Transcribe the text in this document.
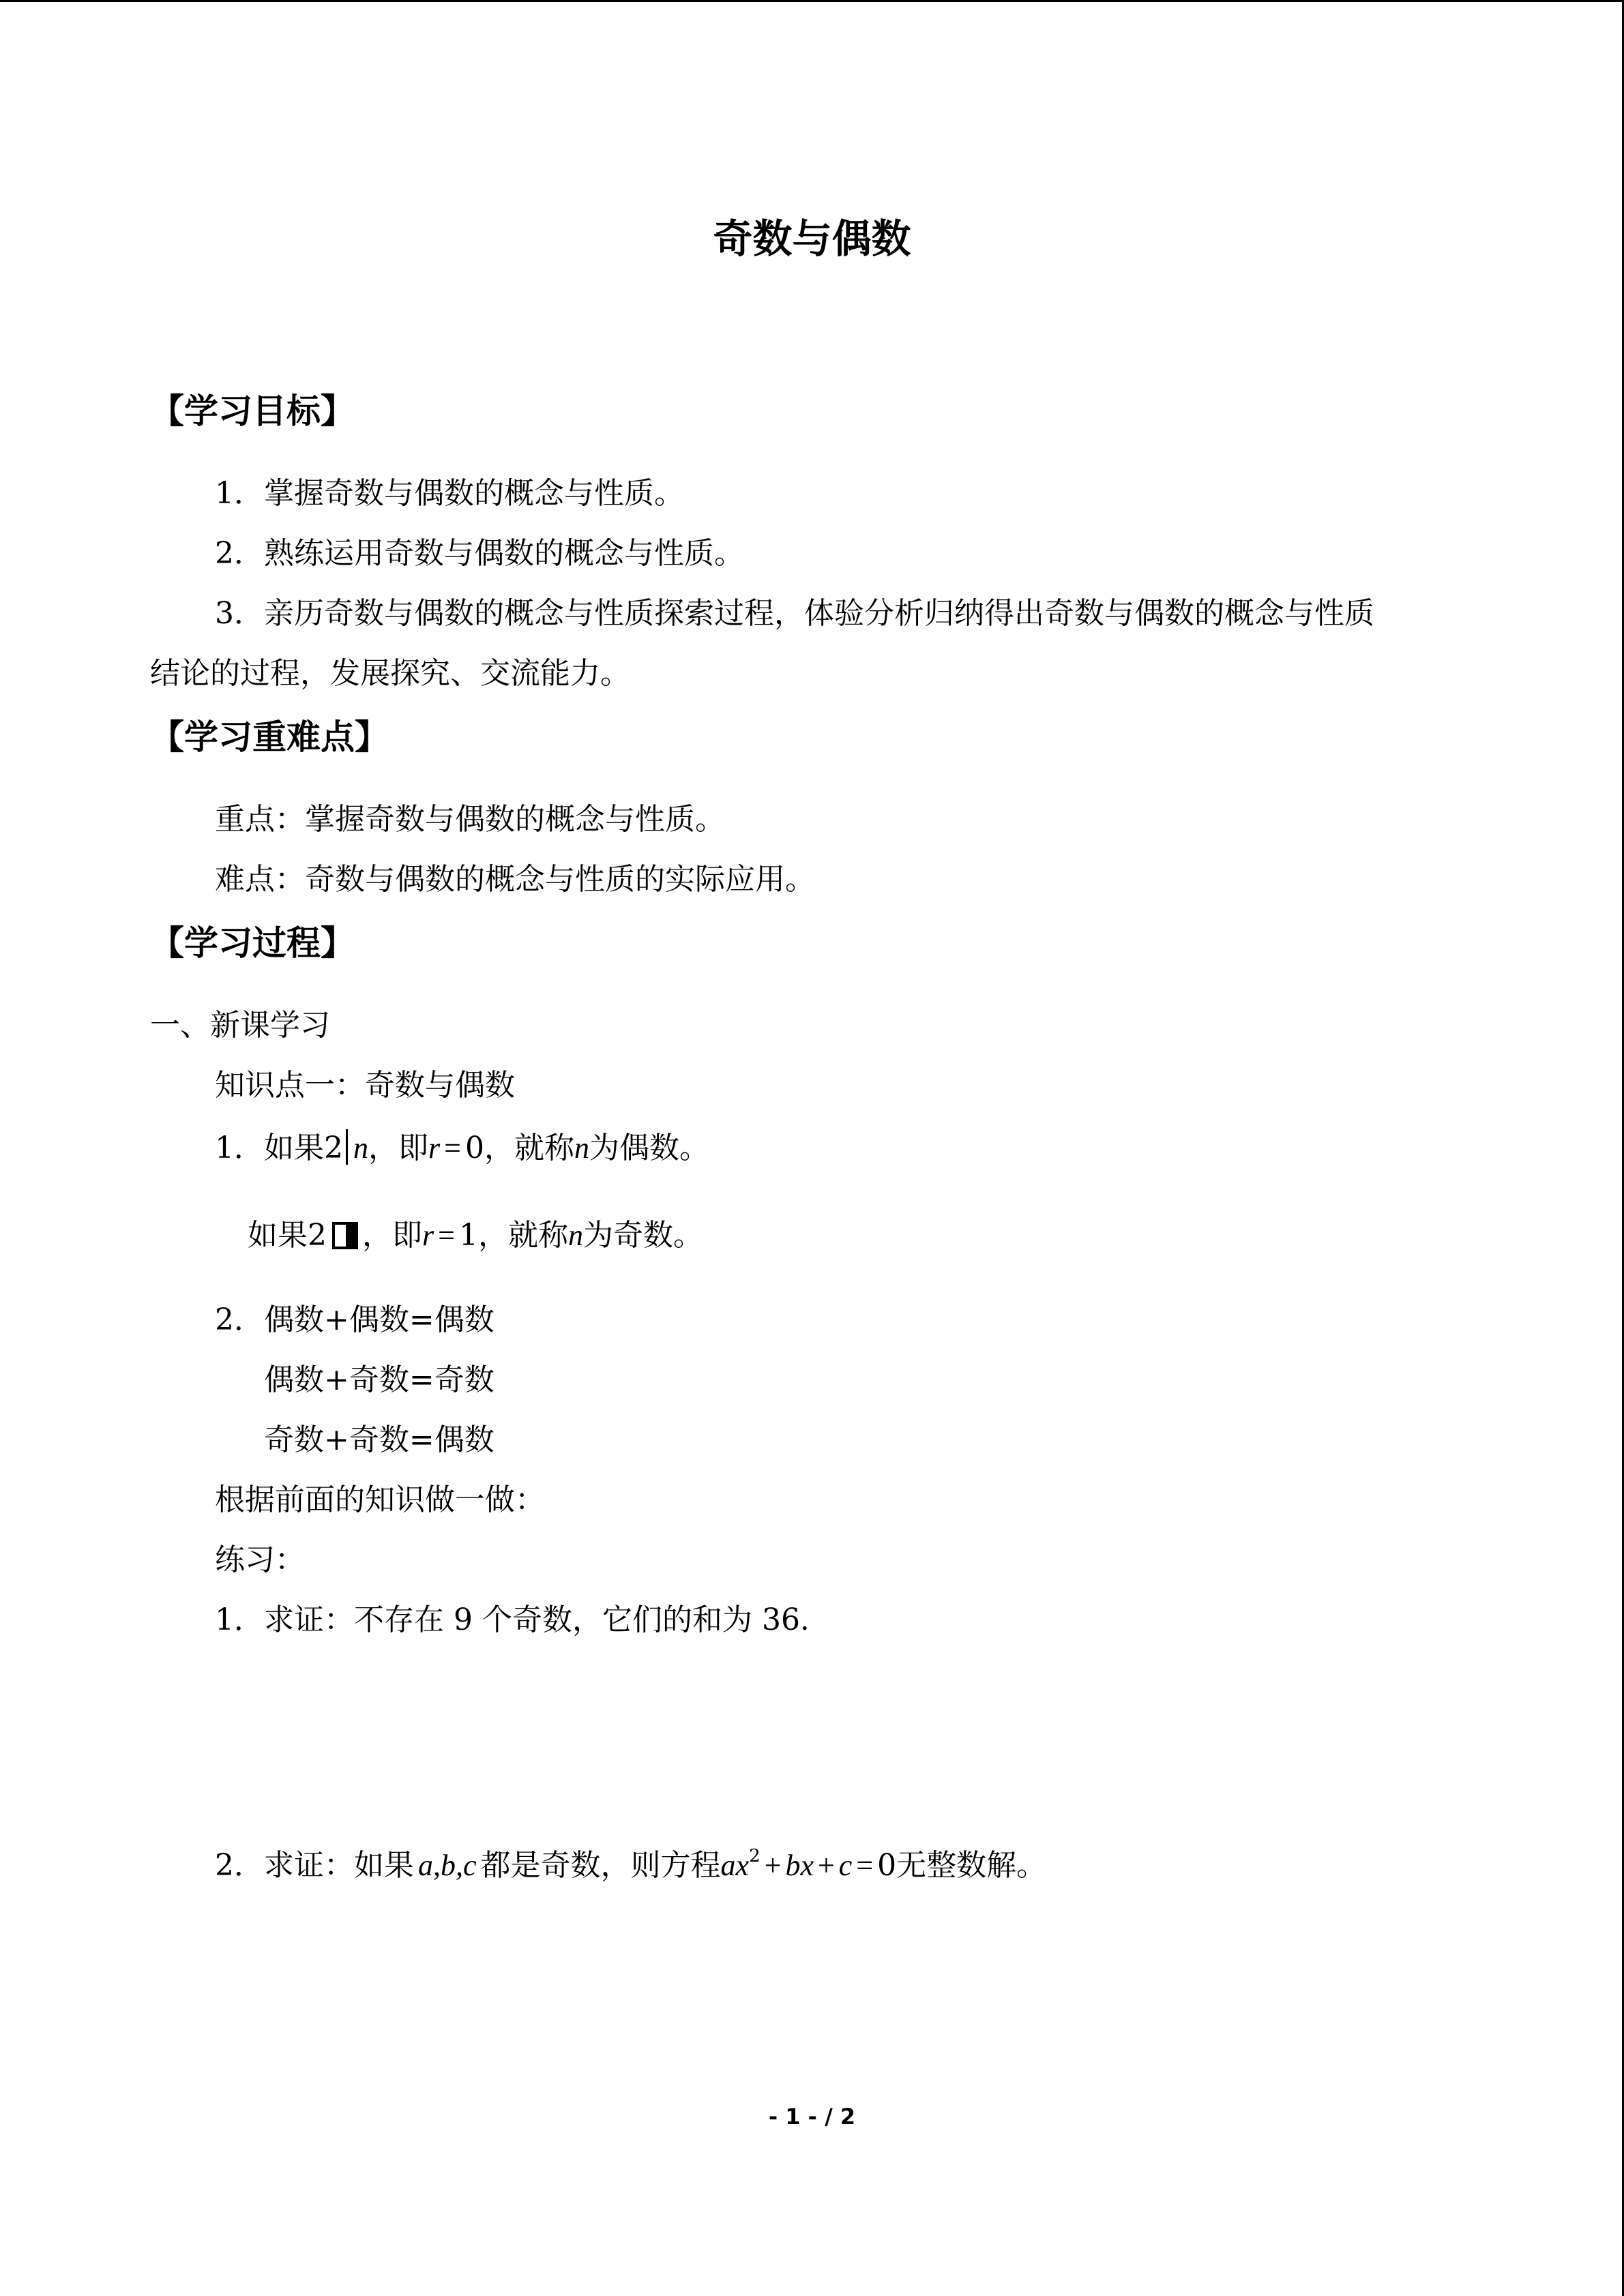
奇数与偶数
【学习目标】
1．掌握奇数与偶数的概念与性质。
2．熟练运用奇数与偶数的概念与性质。
3．亲历奇数与偶数的概念与性质探索过程，体验分析归纳得出奇数与偶数的概念与性质
结论的过程，发展探究、交流能力。
【学习重难点】
重点：掌握奇数与偶数的概念与性质。
难点：奇数与偶数的概念与性质的实际应用。
【学习过程】
一、新课学习
知识点一：奇数与偶数
1．如果2 n，即r = 0，就称n为偶数。
如果2 ，即r = 1，就称n为奇数。
2．偶数+偶数=偶数
偶数+奇数=奇数
奇数+奇数=偶数
根据前面的知识做一做：
练习：
1．求证：不存在 9 个奇数，它们的和为 36.
2．求证：如果 a,b,c 都是奇数，则方程$ax^2$ + bx + c = 0无整数解。
- 1 - / 2
